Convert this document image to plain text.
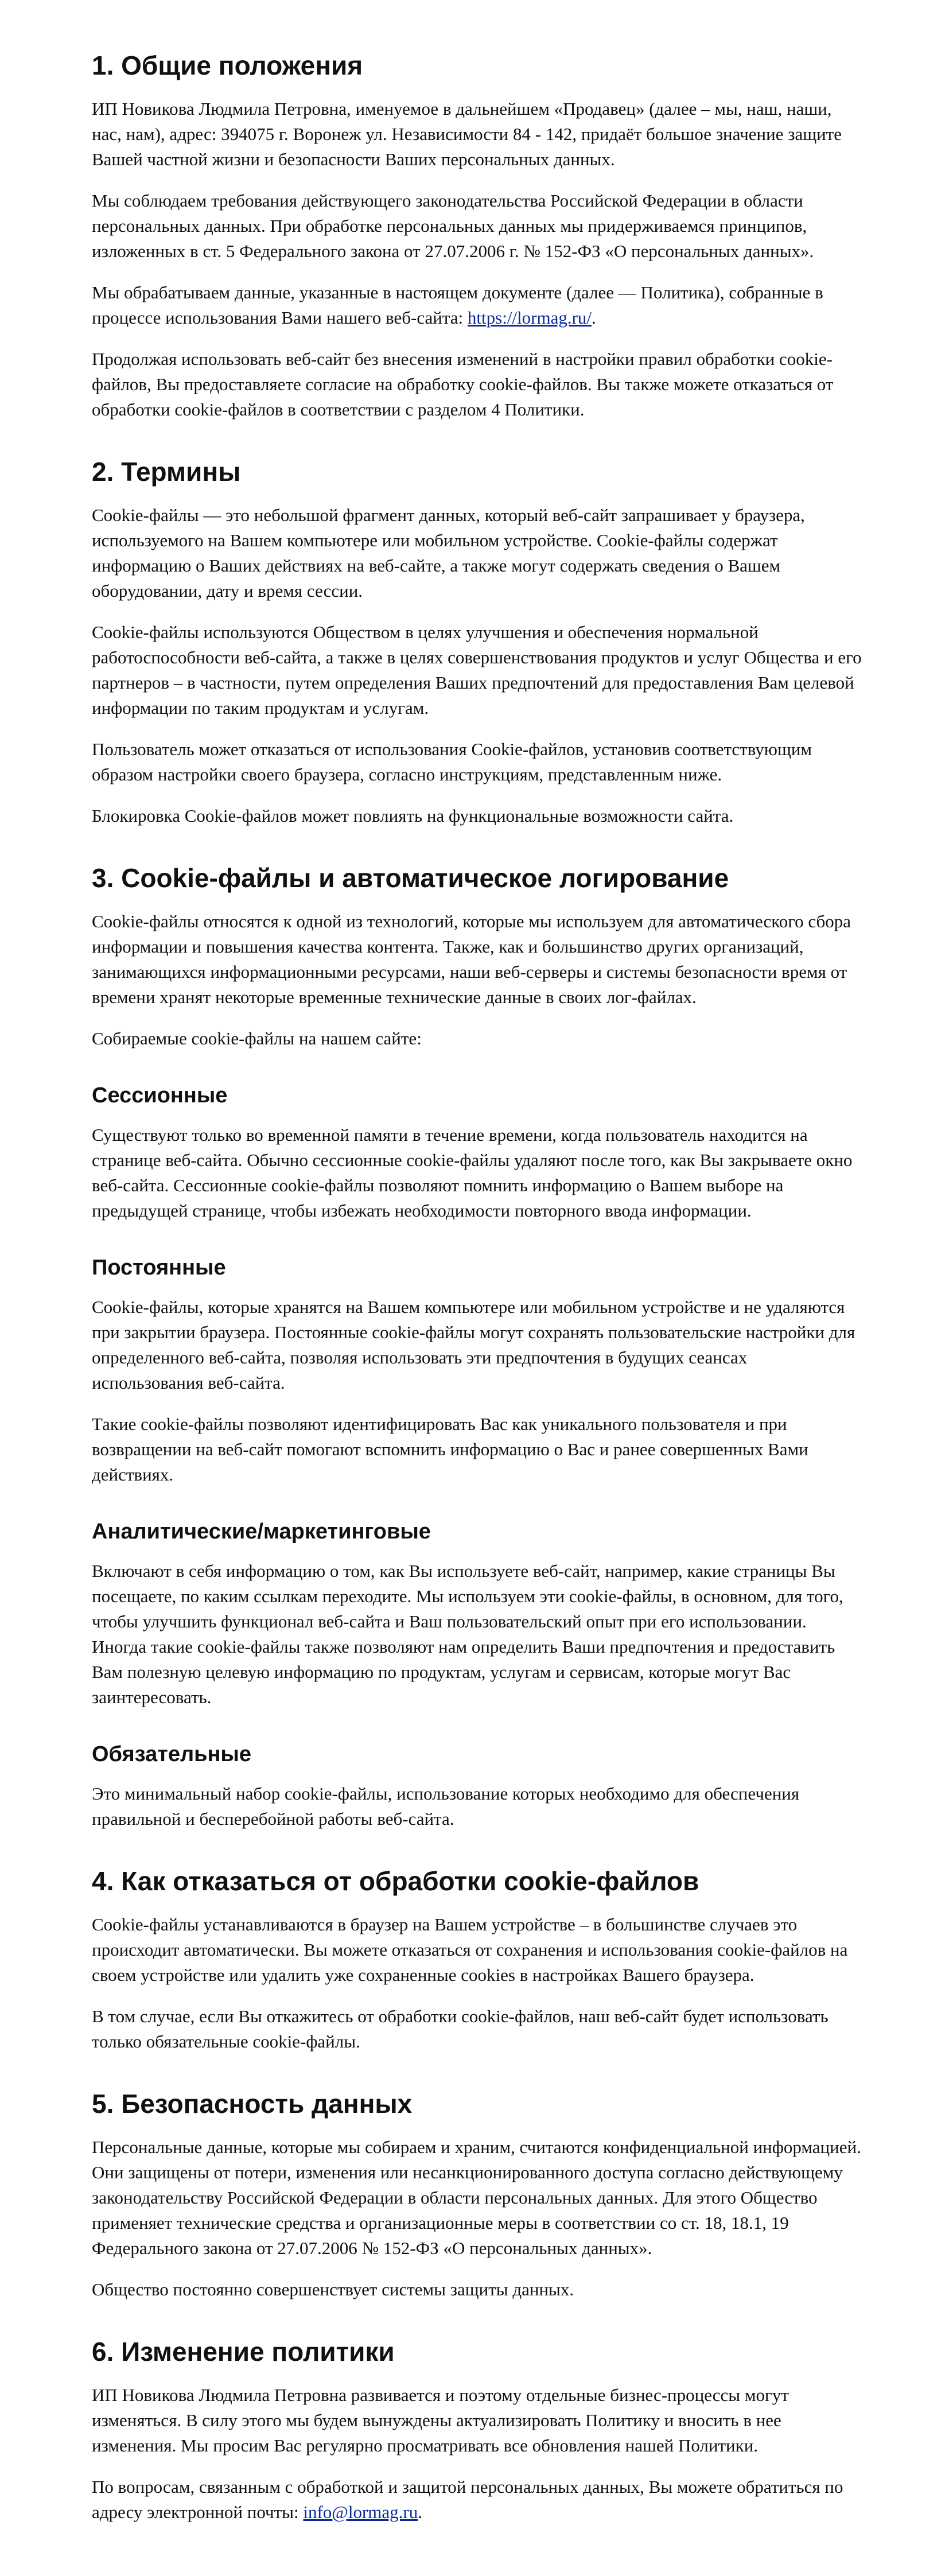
1. Общие положения

ИП Новикова Людмила Петровна, именуемое в дальнейшем «Продавец» (далее – мы, наш, наши, нас, нам), адрес: 394075 г. Воронеж ул. Независимости 84 - 142, придаёт большое значение защите Вашей частной жизни и безопасности Ваших персональных данных.

Мы соблюдаем требования действующего законодательства Российской Федерации в области персональных данных. При обработке персональных данных мы придерживаемся принципов, изложенных в ст. 5 Федерального закона от 27.07.2006 г. № 152-ФЗ «О персональных данных».

Мы обрабатываем данные, указанные в настоящем документе (далее — Политика), собранные в процессе использования Вами нашего веб-сайта: https://lormag.ru/.

Продолжая использовать веб-сайт без внесения изменений в настройки правил обработки cookie-файлов, Вы предоставляете согласие на обработку cookie-файлов. Вы также можете отказаться от обработки cookie-файлов в соответствии с разделом 4 Политики.

2. Термины

Cookie-файлы — это небольшой фрагмент данных, который веб-сайт запрашивает у браузера, используемого на Вашем компьютере или мобильном устройстве. Cookie-файлы содержат информацию о Ваших действиях на веб-сайте, а также могут содержать сведения о Вашем оборудовании, дату и время сессии.

Cookie-файлы используются Обществом в целях улучшения и обеспечения нормальной работоспособности веб-сайта, а также в целях совершенствования продуктов и услуг Общества и его партнеров – в частности, путем определения Ваших предпочтений для предоставления Вам целевой информации по таким продуктам и услугам.

Пользователь может отказаться от использования Cookie-файлов, установив соответствующим образом настройки своего браузера, согласно инструкциям, представленным ниже.

Блокировка Cookie-файлов может повлиять на функциональные возможности сайта.

3. Cookie-файлы и автоматическое логирование

Cookie-файлы относятся к одной из технологий, которые мы используем для автоматического сбора информации и повышения качества контента. Также, как и большинство других организаций, занимающихся информационными ресурсами, наши веб-серверы и системы безопасности время от времени хранят некоторые временные технические данные в своих лог-файлах.

Собираемые cookie-файлы на нашем сайте:

Сессионные

Существуют только во временной памяти в течение времени, когда пользователь находится на странице веб-сайта. Обычно сессионные cookie-файлы удаляют после того, как Вы закрываете окно веб-сайта. Сессионные cookie-файлы позволяют помнить информацию о Вашем выборе на предыдущей странице, чтобы избежать необходимости повторного ввода информации.

Постоянные

Cookie-файлы, которые хранятся на Вашем компьютере или мобильном устройстве и не удаляются при закрытии браузера. Постоянные cookie-файлы могут сохранять пользовательские настройки для определенного веб-сайта, позволяя использовать эти предпочтения в будущих сеансах использования веб-сайта.

Такие cookie-файлы позволяют идентифицировать Вас как уникального пользователя и при возвращении на веб-сайт помогают вспомнить информацию о Вас и ранее совершенных Вами действиях.

Аналитические/маркетинговые

Включают в себя информацию о том, как Вы используете веб-сайт, например, какие страницы Вы посещаете, по каким ссылкам переходите. Мы используем эти cookie-файлы, в основном, для того, чтобы улучшить функционал веб-сайта и Ваш пользовательский опыт при его использовании. Иногда такие cookie-файлы также позволяют нам определить Ваши предпочтения и предоставить Вам полезную целевую информацию по продуктам, услугам и сервисам, которые могут Вас заинтересовать.

Обязательные

Это минимальный набор cookie-файлы, использование которых необходимо для обеспечения правильной и бесперебойной работы веб-сайта.

4. Как отказаться от обработки cookie-файлов

Cookie-файлы устанавливаются в браузер на Вашем устройстве – в большинстве случаев это происходит автоматически. Вы можете отказаться от сохранения и использования cookie-файлов на своем устройстве или удалить уже сохраненные cookies в настройках Вашего браузера.

В том случае, если Вы откажитесь от обработки cookie-файлов, наш веб-сайт будет использовать только обязательные cookie-файлы.

5. Безопасность данных

Персональные данные, которые мы собираем и храним, считаются конфиденциальной информацией. Они защищены от потери, изменения или несанкционированного доступа согласно действующему законодательству Российской Федерации в области персональных данных. Для этого Общество применяет технические средства и организационные меры в соответствии со ст. 18, 18.1, 19 Федерального закона от 27.07.2006 № 152-ФЗ «О персональных данных».

Общество постоянно совершенствует системы защиты данных.

6. Изменение политики

ИП Новикова Людмила Петровна развивается и поэтому отдельные бизнес-процессы могут изменяться. В силу этого мы будем вынуждены актуализировать Политику и вносить в нее изменения. Мы просим Вас регулярно просматривать все обновления нашей Политики.

По вопросам, связанным с обработкой и защитой персональных данных, Вы можете обратиться по адресу электронной почты: info@lormag.ru.
